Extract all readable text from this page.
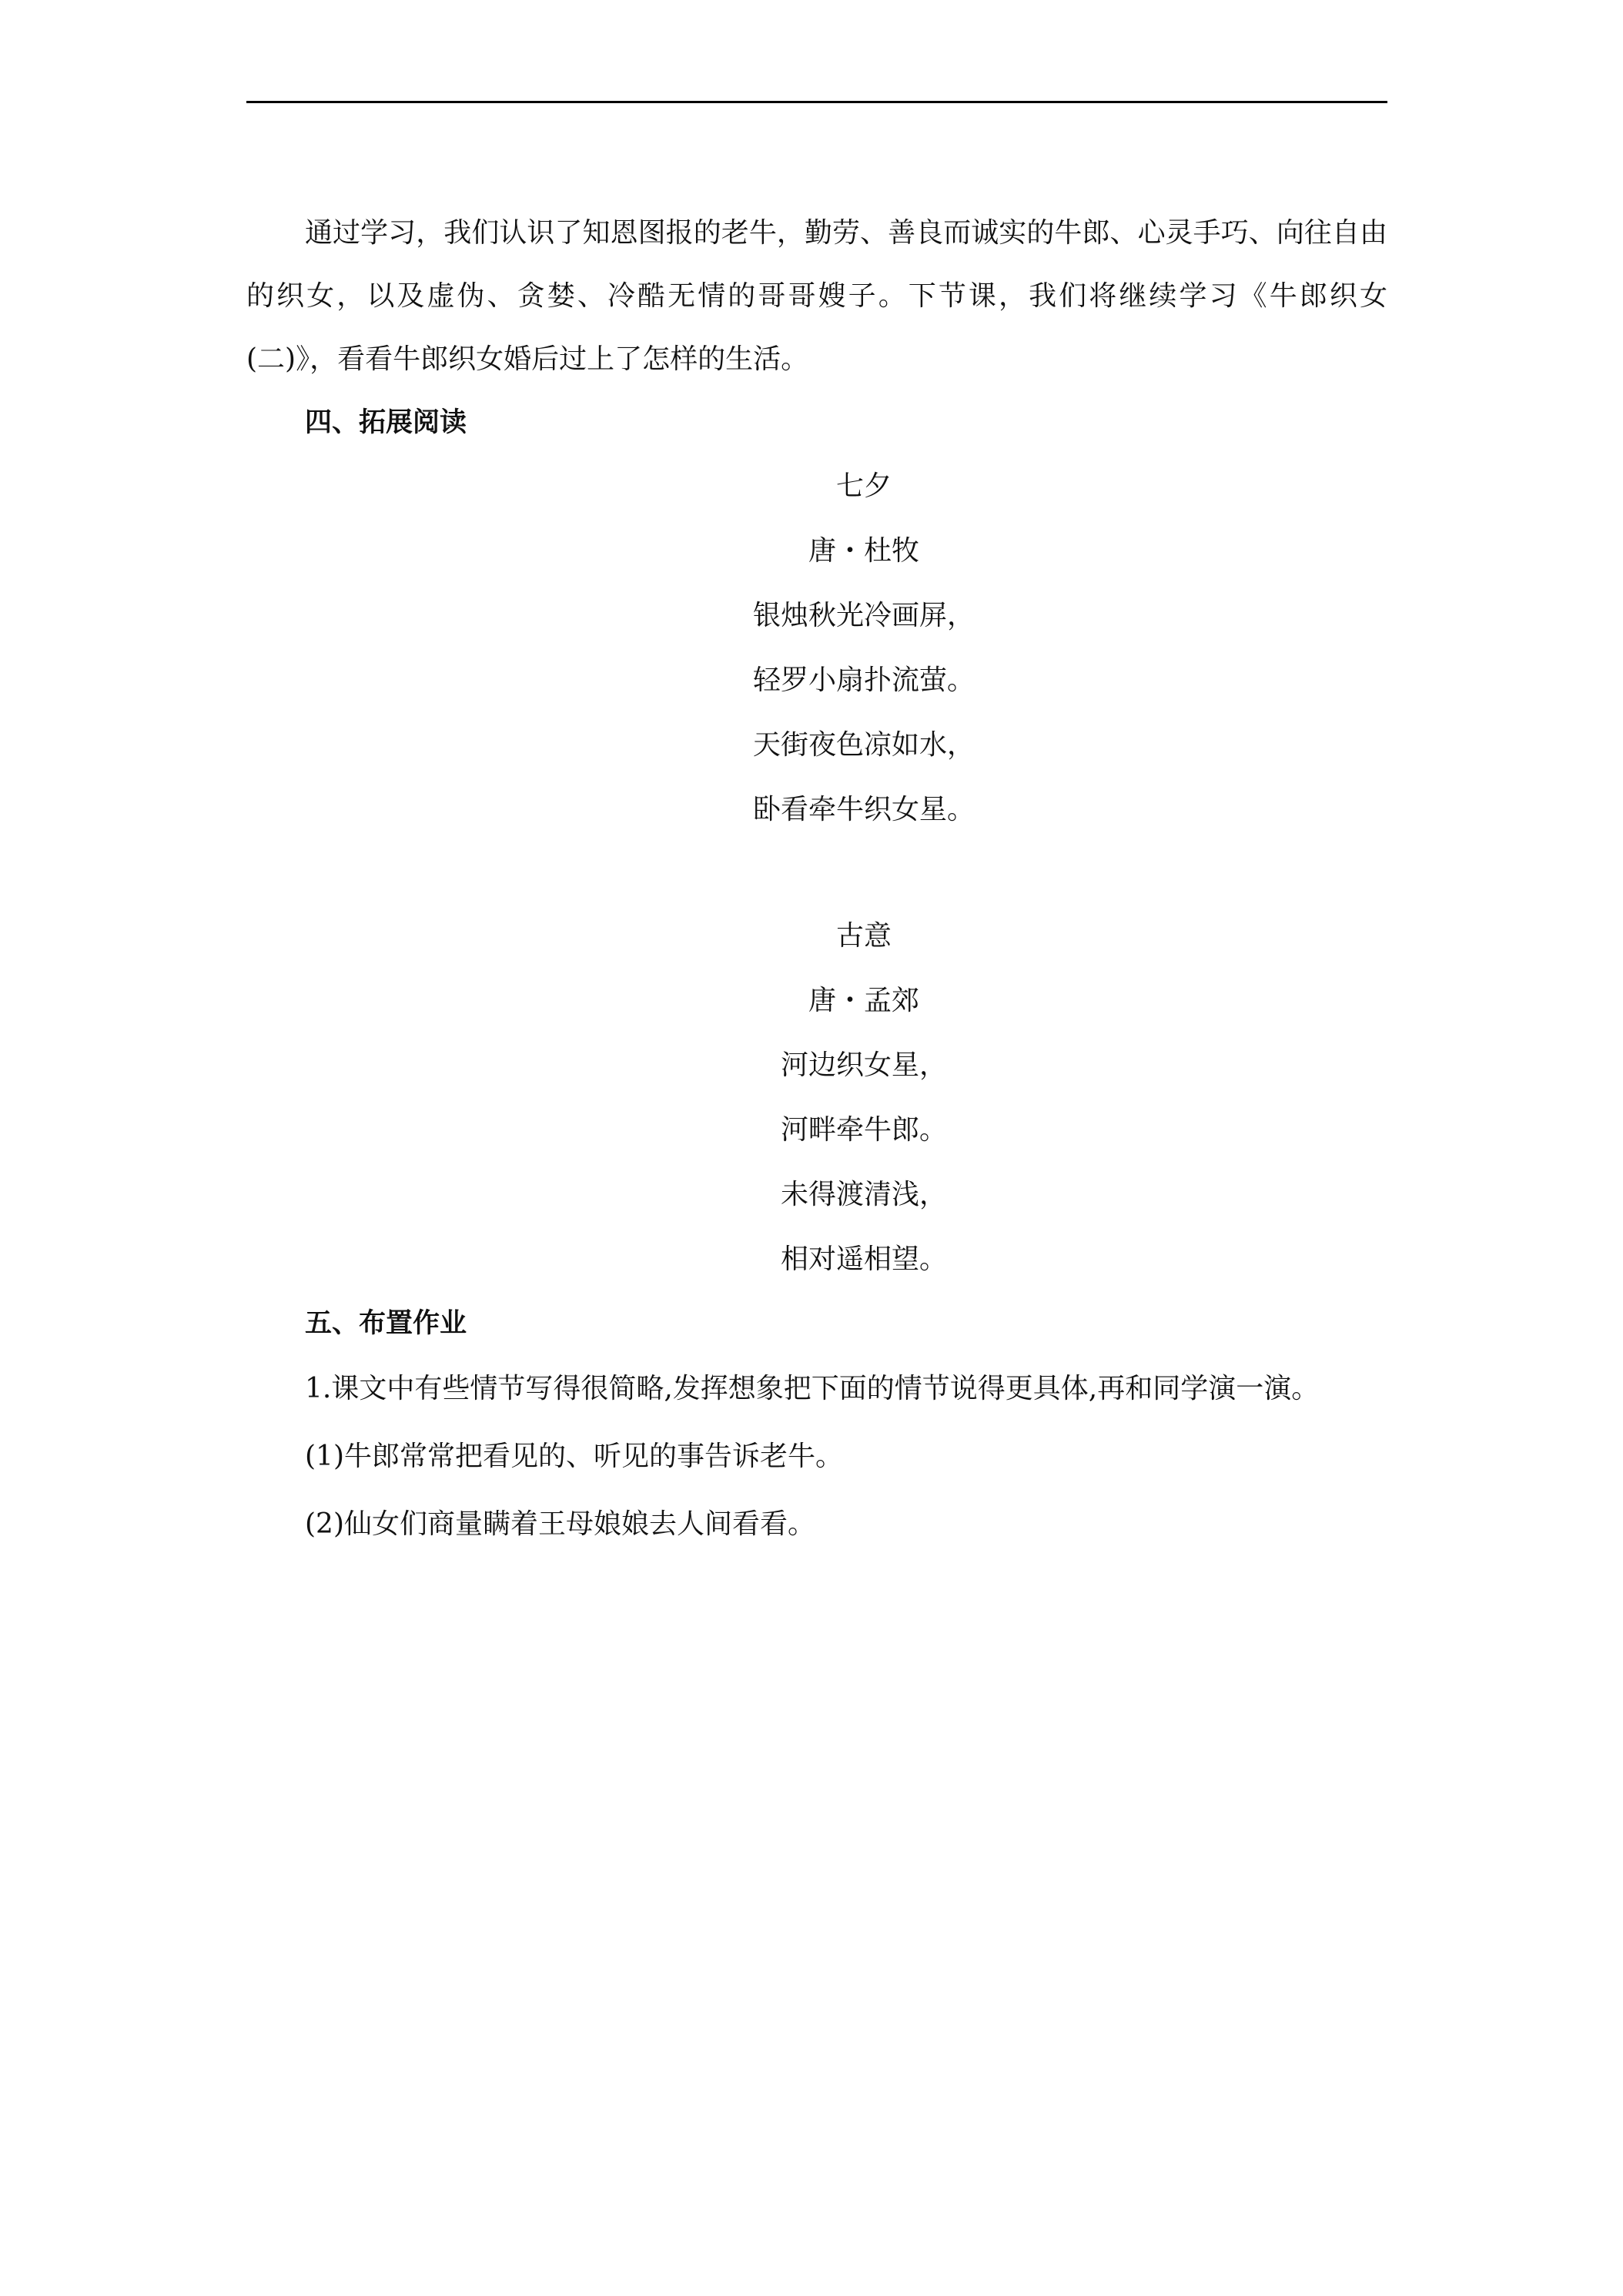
通过学习，我们认识了知恩图报的老牛，勤劳、善良而诚实的牛郎、心灵手巧、向往自由的织女，以及虚伪、贪婪、冷酷无情的哥哥嫂子。下节课，我们将继续学习《牛郎织女(二)》，看看牛郎织女婚后过上了怎样的生活。

四、拓展阅读

七夕
唐・杜牧
银烛秋光冷画屏，
轻罗小扇扑流萤。
天街夜色凉如水，
卧看牵牛织女星。
古意
唐・孟郊
河边织女星，
河畔牵牛郎。
未得渡清浅，
相对遥相望。

五、布置作业

1.课文中有些情节写得很简略,发挥想象把下面的情节说得更具体,再和同学演一演。

(1)牛郎常常把看见的、听见的事告诉老牛。

(2)仙女们商量瞒着王母娘娘去人间看看。
